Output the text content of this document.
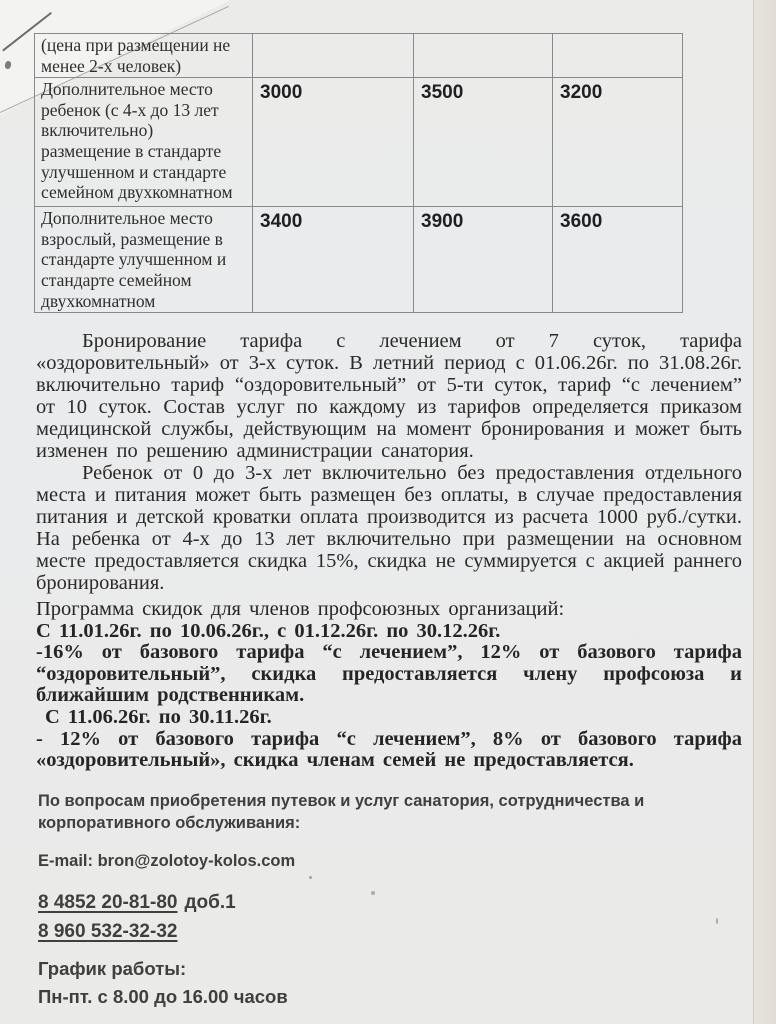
(цена при размещении не менее 2-х человек)			
Дополнительное место ребенок (с 4-х до 13 лет включительно) размещение в стандарте улучшенном и стандарте семейном двухкомнатном	3000	3500	3200
Дополнительное место взрослый, размещение в стандарте улучшенном и стандарте семейном двухкомнатном	3400	3900	3600

Бронирование тарифа с лечением от 7 суток, тарифа «оздоровительный» от 3-х суток. В летний период с 01.06.26г. по 31.08.26г. включительно тариф “оздоровительный” от 5-ти суток, тариф “с лечением” от 10 суток. Состав услуг по каждому из тарифов определяется приказом медицинской службы, действующим на момент бронирования и может быть изменен по решению администрации санатория.

Ребенок от 0 до 3-х лет включительно без предоставления отдельного места и питания может быть размещен без оплаты, в случае предоставления питания и детской кроватки оплата производится из расчета 1000 руб./сутки. На ребенка от 4-х до 13 лет включительно при размещении на основном месте предоставляется скидка 15%, скидка не суммируется с акцией раннего бронирования.

Программа скидок для членов профсоюзных организаций:

С 11.01.26г. по 10.06.26г., с 01.12.26г. по 30.12.26г.

-16% от базового тарифа “с лечением”, 12% от базового тарифа “оздоровительный”, скидка предоставляется члену профсоюза и ближайшим родственникам.

С 11.06.26г. по 30.11.26г.

- 12% от базового тарифа “с лечением”, 8% от базового тарифа «оздоровительный», скидка членам семей не предоставляется.

По вопросам приобретения путевок и услуг санатория, сотрудничества и корпоративного обслуживания:

E-mail: bron@zolotoy-kolos.com

8 4852 20-81-80 доб.1

8 960 532-32-32

График работы:

Пн-пт. с 8.00 до 16.00 часов
